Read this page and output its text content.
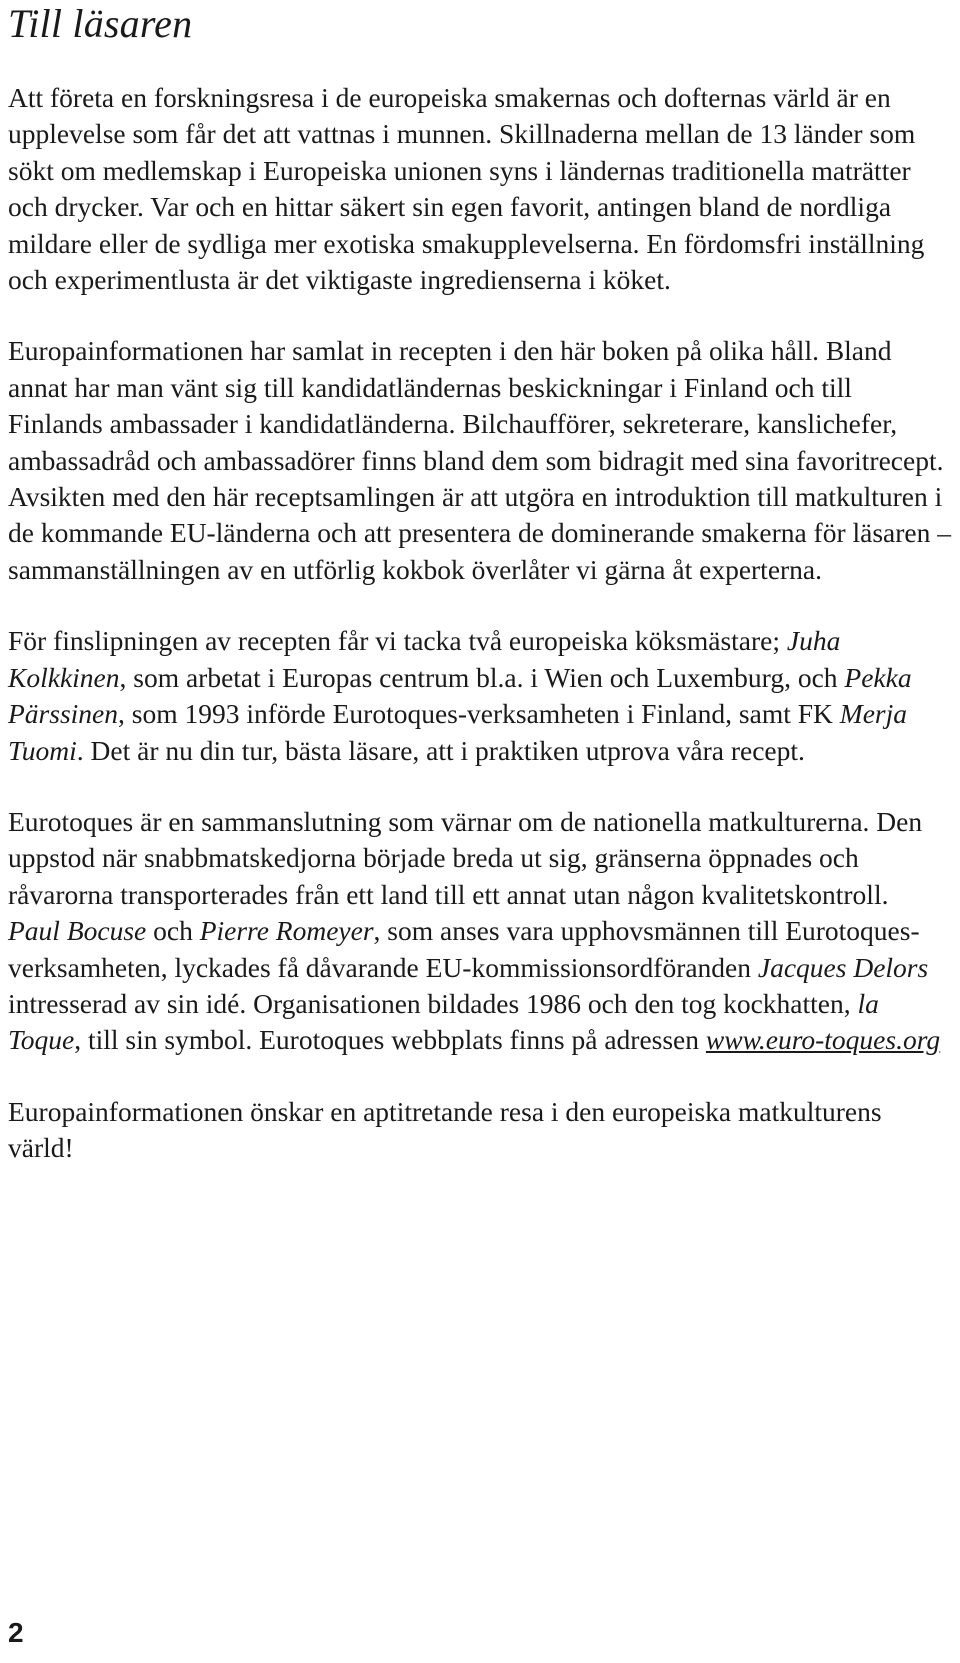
Till läsaren

Att företa en forskningsresa i de europeiska smakernas och dofternas värld är en upplevelse som får det att vattnas i munnen. Skillnaderna mellan de 13 länder som sökt om medlemskap i Europeiska unionen syns i ländernas traditionella maträtter och drycker. Var och en hittar säkert sin egen favorit, antingen bland de nordliga mildare eller de sydliga mer exotiska smakupplevelserna. En fördomsfri inställning och experimentlusta är det viktigaste ingredienserna i köket.

Europainformationen har samlat in recepten i den här boken på olika håll. Bland annat har man vänt sig till kandidatländernas beskickningar i Finland och till Finlands ambassader i kandidatländerna. Bilchaufförer, sekreterare, kanslichefer, ambassadråd och ambassadörer finns bland dem som bidragit med sina favoritrecept.

Avsikten med den här receptsamlingen är att utgöra en introduktion till matkulturen i de kommande EU-länderna och att presentera de dominerande smakerna för läsaren – sammanställningen av en utförlig kokbok överlåter vi gärna åt experterna.

För finslipningen av recepten får vi tacka två europeiska köksmästare; Juha Kolkkinen, som arbetat i Europas centrum bl.a. i Wien och Luxemburg, och Pekka Pärssinen, som 1993 införde Eurotoques-verksamheten i Finland, samt FK Merja Tuomi. Det är nu din tur, bästa läsare, att i praktiken utprova våra recept.

Eurotoques är en sammanslutning som värnar om de nationella matkulturerna. Den uppstod när snabbmatskedjorna började breda ut sig, gränserna öppnades och råvarorna transporterades från ett land till ett annat utan någon kvalitetskontroll.

Paul Bocuse och Pierre Romeyer, som anses vara upphovsmännen till Eurotoques-verksamheten, lyckades få dåvarande EU-kommissionsordföranden Jacques Delors intresserad av sin idé. Organisationen bildades 1986 och den tog kockhatten, la Toque, till sin symbol. Eurotoques webbplats finns på adressen www.euro-toques.org

Europainformationen önskar en aptitretande resa i den europeiska matkulturens värld!

2
